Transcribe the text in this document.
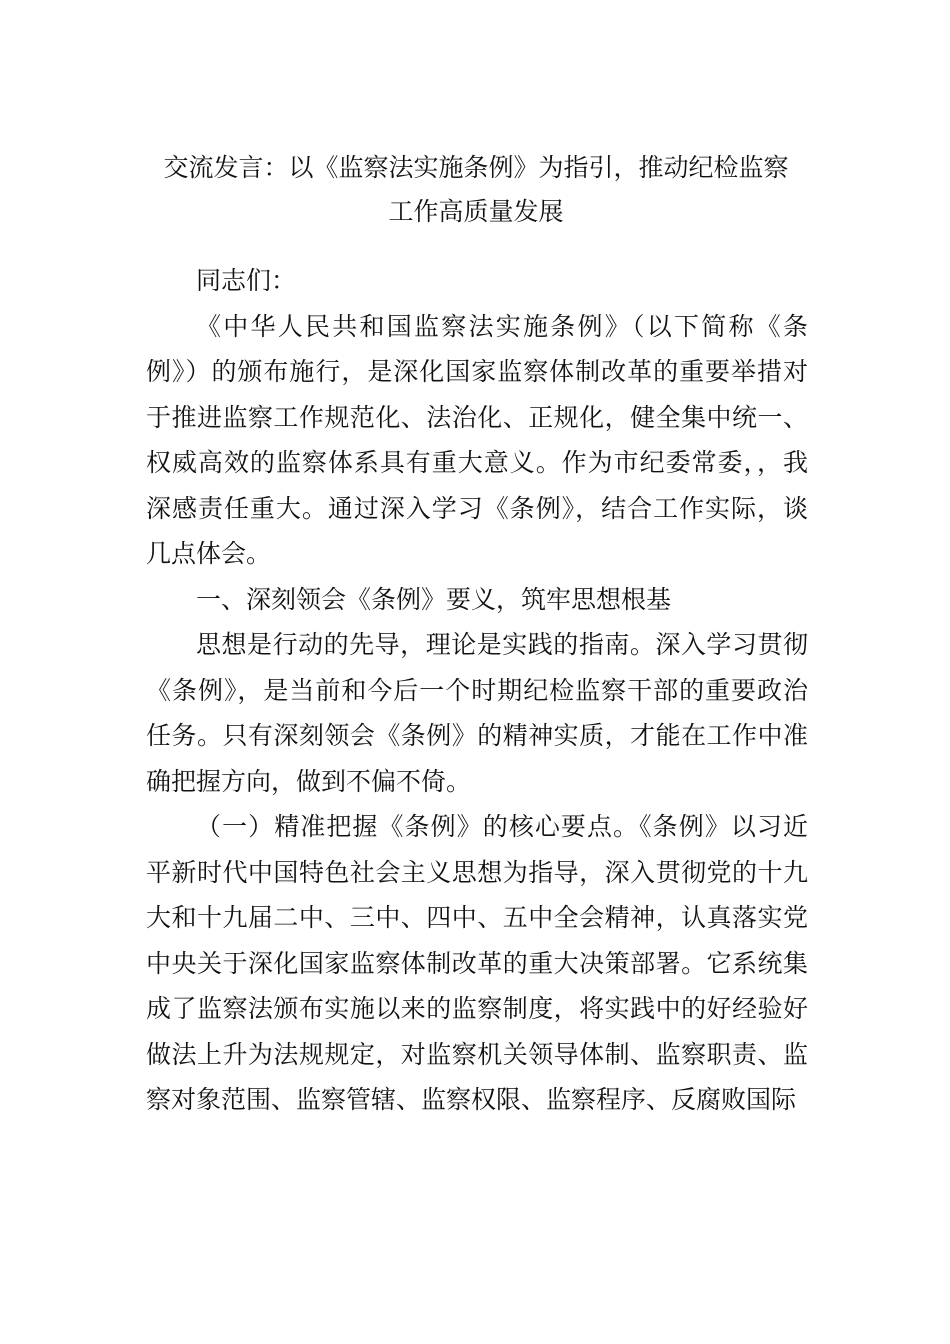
交流发言：以《监察法实施条例》为指引，推动纪检监察
工作高质量发展

同志们：

《中华人民共和国监察法实施条例》（以下简称《条例》）的颁布施行，是深化国家监察体制改革的重要举措对于推进监察工作规范化、法治化、正规化，健全集中统一、权威高效的监察体系具有重大意义。作为市纪委常委，，我深感责任重大。通过深入学习《条例》，结合工作实际，谈几点体会。

一、深刻领会《条例》要义，筑牢思想根基

思想是行动的先导，理论是实践的指南。深入学习贯彻《条例》，是当前和今后一个时期纪检监察干部的重要政治任务。只有深刻领会《条例》的精神实质，才能在工作中准确把握方向，做到不偏不倚。

（一）精准把握《条例》的核心要点。《条例》以习近平新时代中国特色社会主义思想为指导，深入贯彻党的十九大和十九届二中、三中、四中、五中全会精神，认真落实党中央关于深化国家监察体制改革的重大决策部署。它系统集成了监察法颁布实施以来的监察制度，将实践中的好经验好做法上升为法规规定，对监察机关领导体制、监察职责、监察对象范围、监察管辖、监察权限、监察程序、反腐败国际
